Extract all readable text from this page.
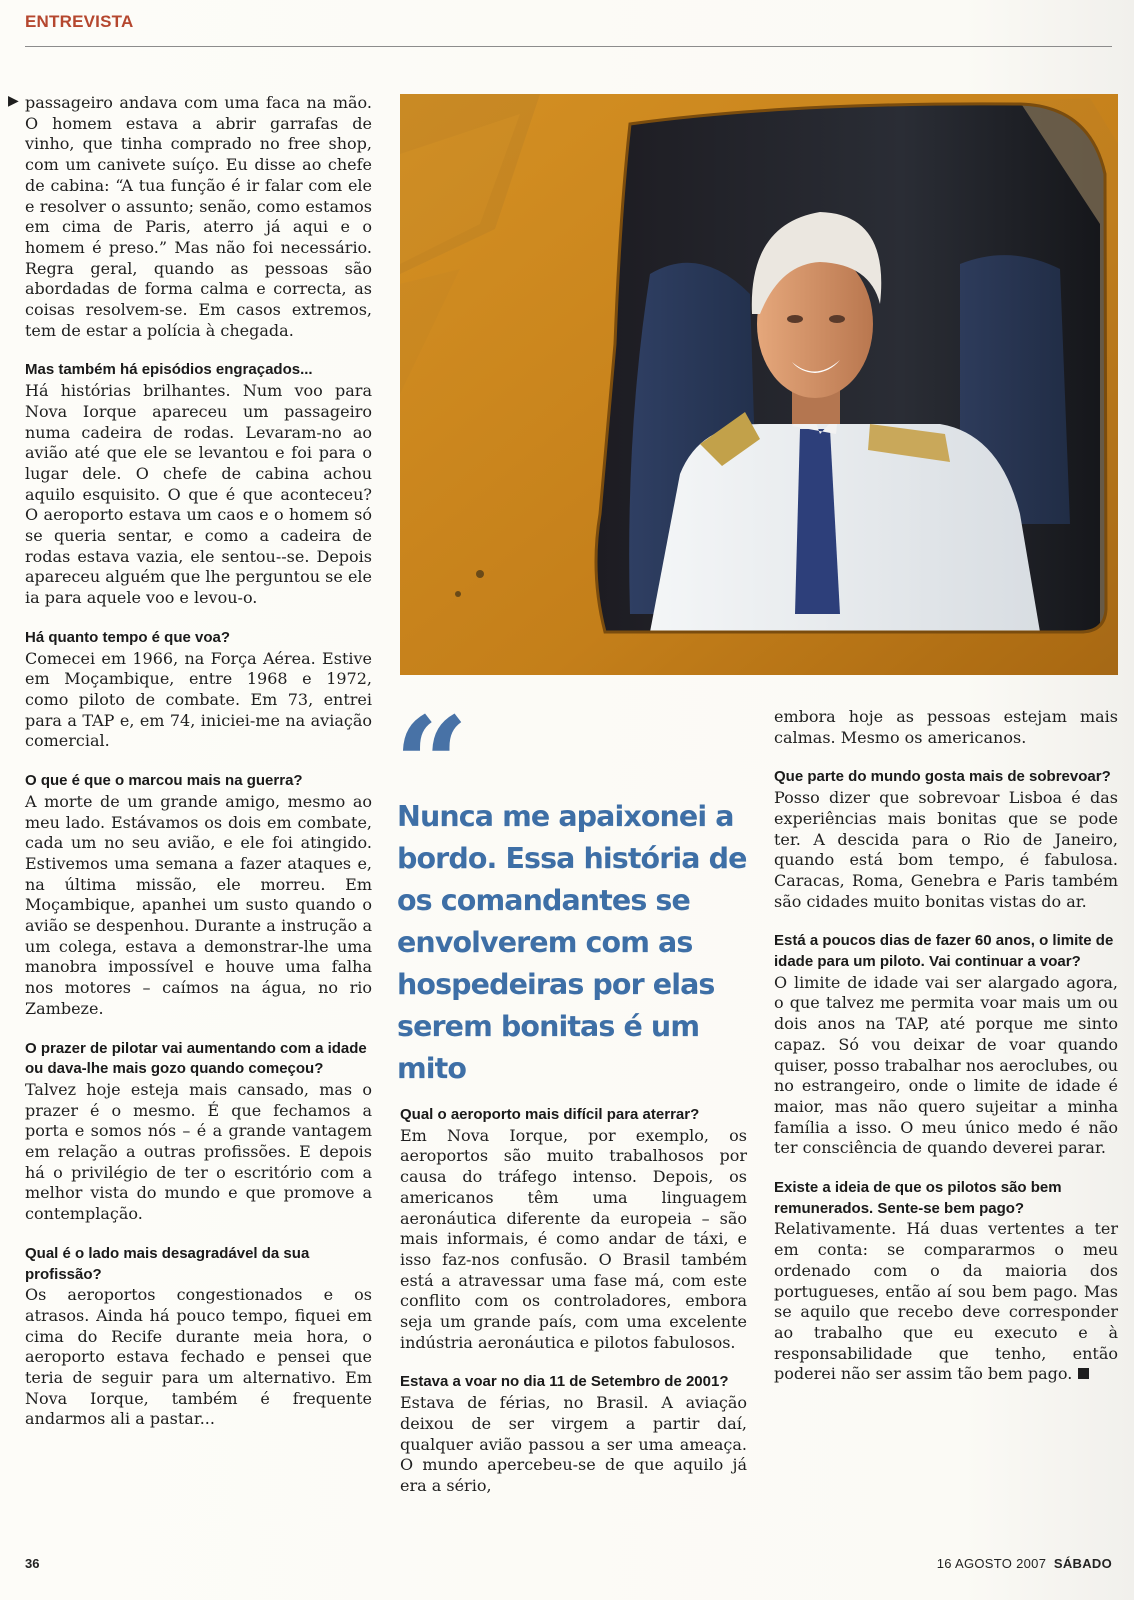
ENTREVISTA
▶ passageiro andava com uma faca na mão. O homem estava a abrir garrafas de vinho, que tinha comprado no free shop, com um canivete suíço. Eu disse ao chefe de cabina: “A tua função é ir falar com ele e resolver o assunto; senão, como estamos em cima de Paris, aterro já aqui e o homem é preso.” Mas não foi necessário. Regra geral, quando as pessoas são abordadas de forma calma e correcta, as coisas resolvem-se. Em casos extremos, tem de estar a polícia à chegada.

Mas também há episódios engraçados...

Há histórias brilhantes. Num voo para Nova Iorque apareceu um passageiro numa cadeira de rodas. Levaram-no ao avião até que ele se levantou e foi para o lugar dele. O chefe de cabina achou aquilo esquisito. O que é que aconteceu? O aeroporto estava um caos e o homem só se queria sentar, e como a cadeira de rodas estava vazia, ele sentou--se. Depois apareceu alguém que lhe perguntou se ele ia para aquele voo e levou-o.

Há quanto tempo é que voa?

Comecei em 1966, na Força Aérea. Estive em Moçambique, entre 1968 e 1972, como piloto de combate. Em 73, entrei para a TAP e, em 74, iniciei-me na aviação comercial.

O que é que o marcou mais na guerra?

A morte de um grande amigo, mesmo ao meu lado. Estávamos os dois em combate, cada um no seu avião, e ele foi atingido. Estivemos uma semana a fazer ataques e, na última missão, ele morreu. Em Moçambique, apanhei um susto quando o avião se despenhou. Durante a instrução a um colega, estava a demonstrar-lhe uma manobra impossível e houve uma falha nos motores – caímos na água, no rio Zambeze.

O prazer de pilotar vai aumentando com a idade ou dava-lhe mais gozo quando começou?

Talvez hoje esteja mais cansado, mas o prazer é o mesmo. É que fechamos a porta e somos nós – é a grande vantagem em relação a outras profissões. E depois há o privilégio de ter o escritório com a melhor vista do mundo e que promove a contemplação.

Qual é o lado mais desagradável da sua profissão?

Os aeroportos congestionados e os atrasos. Ainda há pouco tempo, fiquei em cima do Recife durante meia hora, o aeroporto estava fechado e pensei que teria de seguir para um alternativo. Em Nova Iorque, também é frequente andarmos ali a pastar...

“
Nunca me apaixonei a bordo. Essa história de os comandantes se envolverem com as hospedeiras por elas serem bonitas é um mito

Qual o aeroporto mais difícil para aterrar?

Em Nova Iorque, por exemplo, os aeroportos são muito trabalhosos por causa do tráfego intenso. Depois, os americanos têm uma linguagem aeronáutica diferente da europeia – são mais informais, é como andar de táxi, e isso faz-nos confusão. O Brasil também está a atravessar uma fase má, com este conflito com os controladores, embora seja um grande país, com uma excelente indústria aeronáutica e pilotos fabulosos.

Estava a voar no dia 11 de Setembro de 2001?

Estava de férias, no Brasil. A aviação deixou de ser virgem a partir daí, qualquer avião passou a ser uma ameaça. O mundo apercebeu-se de que aquilo já era a sério,

embora hoje as pessoas estejam mais calmas. Mesmo os americanos.

Que parte do mundo gosta mais de sobrevoar?

Posso dizer que sobrevoar Lisboa é das experiências mais bonitas que se pode ter. A descida para o Rio de Janeiro, quando está bom tempo, é fabulosa. Caracas, Roma, Genebra e Paris também são cidades muito bonitas vistas do ar.

Está a poucos dias de fazer 60 anos, o limite de idade para um piloto. Vai continuar a voar?

O limite de idade vai ser alargado agora, o que talvez me permita voar mais um ou dois anos na TAP, até porque me sinto capaz. Só vou deixar de voar quando quiser, posso trabalhar nos aeroclubes, ou no estrangeiro, onde o limite de idade é maior, mas não quero sujeitar a minha família a isso. O meu único medo é não ter consciência de quando deverei parar.

Existe a ideia de que os pilotos são bem remunerados. Sente-se bem pago?

Relativamente. Há duas vertentes a ter em conta: se compararmos o meu ordenado com o da maioria dos portugueses, então aí sou bem pago. Mas se aquilo que recebo deve corresponder ao trabalho que eu executo e à responsabilidade que tenho, então poderei não ser assim tão bem pago.

36	16 AGOSTO 2007 SÁBADO
